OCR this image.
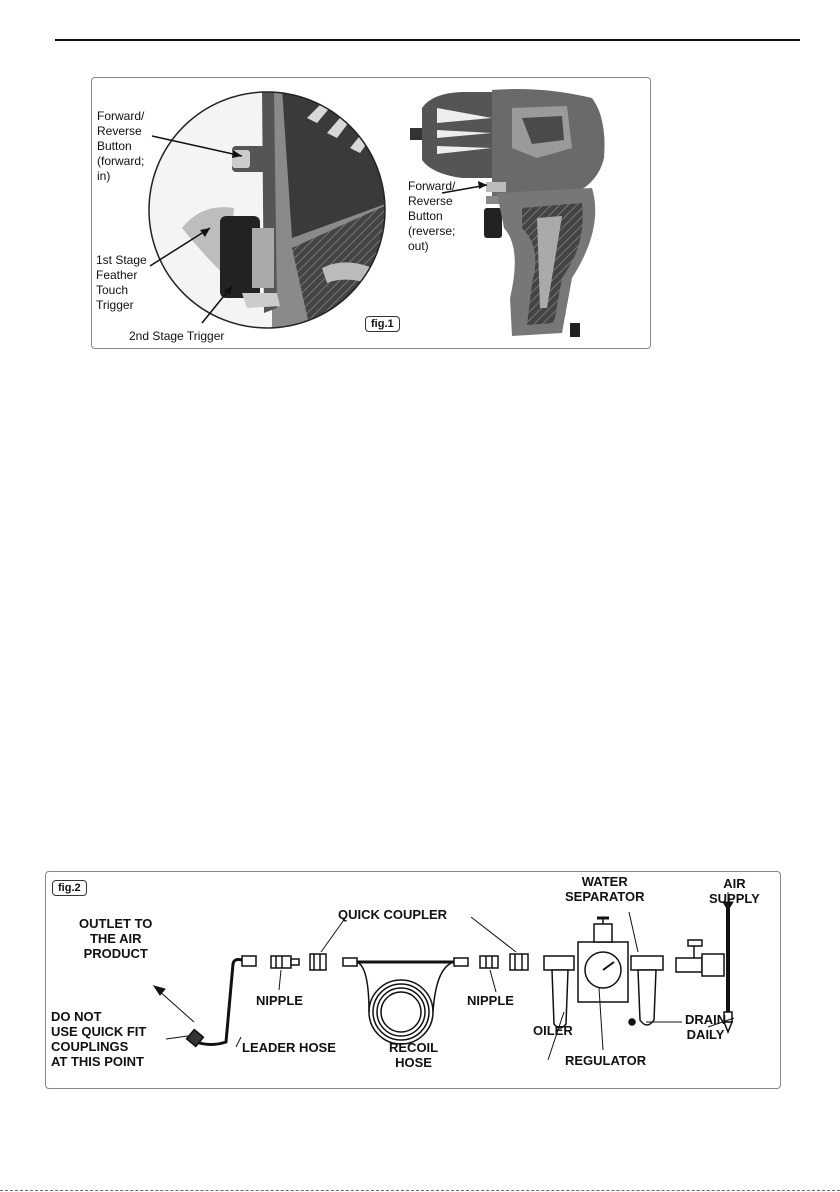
Forward/
Reverse
Button
(forward;
in)
1st Stage
Feather
Touch
Trigger
2nd Stage Trigger
Forward/
Reverse
Button
(reverse;
out)
fig.1
fig.2
OUTLET TO
THE AIR
PRODUCT
DO NOT
USE QUICK FIT
COUPLINGS
AT THIS POINT
NIPPLE
LEADER HOSE
QUICK COUPLER
RECOIL
HOSE
NIPPLE
WATER
SEPARATOR
OILER
REGULATOR
AIR
SUPPLY
DRAIN
DAILY
